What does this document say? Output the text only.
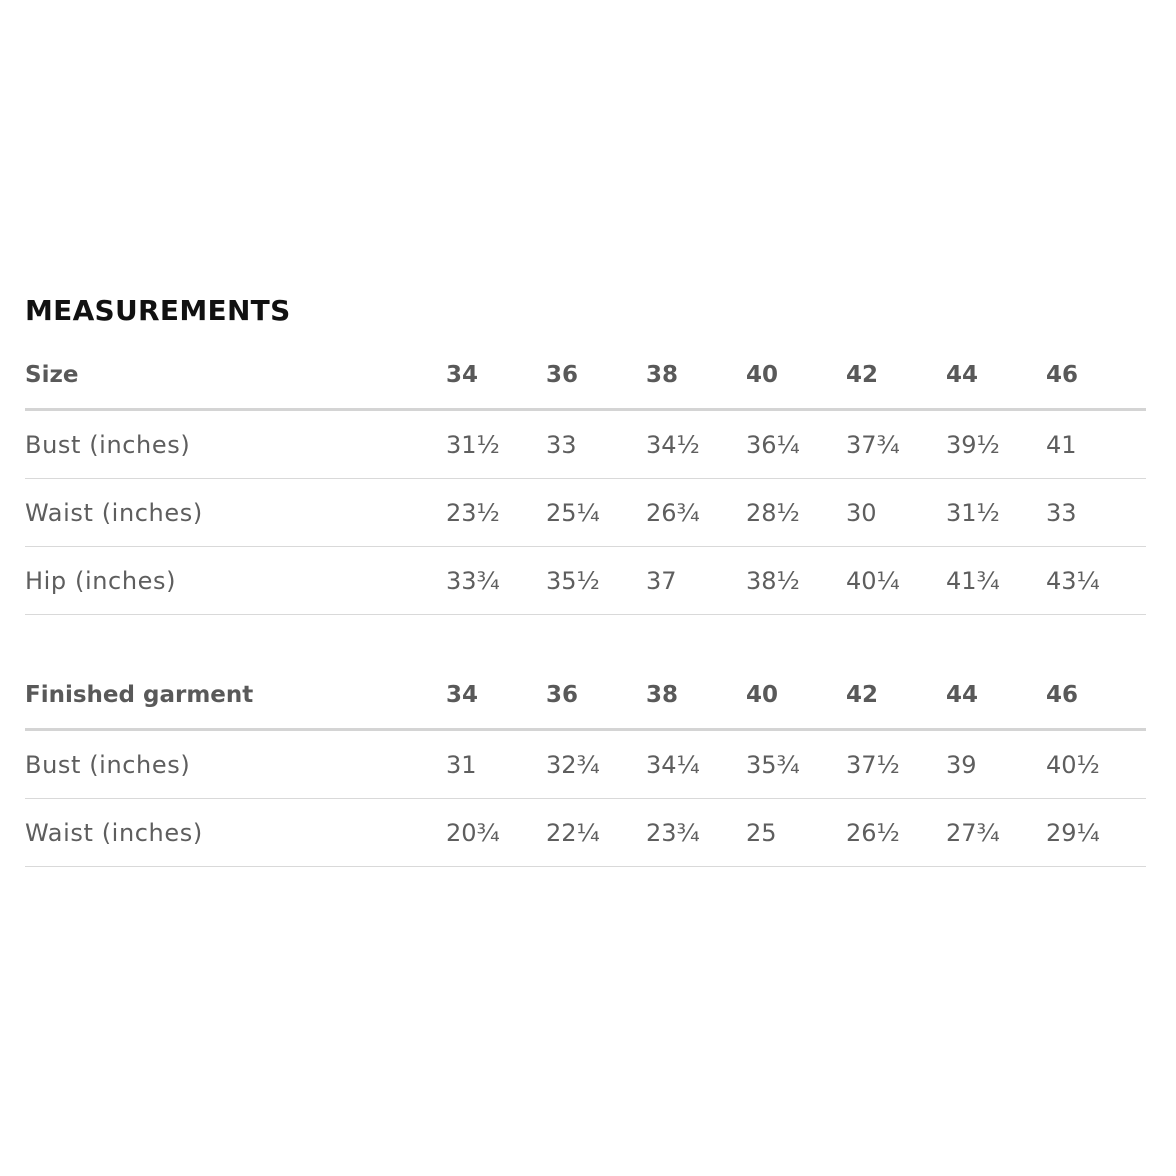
MEASUREMENTS
Size	34	36	38	40	42	44	46
Bust (inches)	31½	33	34½	36¼	37¾	39½	41
Waist (inches)	23½	25¼	26¾	28½	30	31½	33
Hip (inches)	33¾	35½	37	38½	40¼	41¾	43¼
Finished garment	34	36	38	40	42	44	46
Bust (inches)	31	32¾	34¼	35¾	37½	39	40½
Waist (inches)	20¾	22¼	23¾	25	26½	27¾	29¼
